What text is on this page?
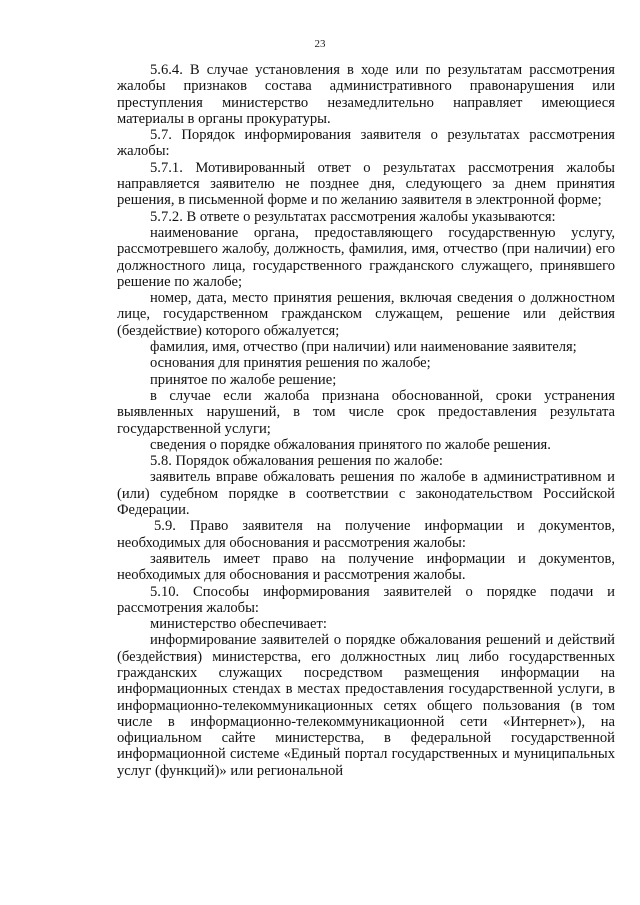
23

5.6.4. В случае установления в ходе или по результатам рассмотрения жалобы признаков состава административного правонарушения или преступления министерство незамедлительно направляет имеющиеся материалы в органы прокуратуры.

5.7. Порядок информирования заявителя о результатах рассмотрения жалобы:

5.7.1. Мотивированный ответ о результатах рассмотрения жалобы направляется заявителю не позднее дня, следующего за днем принятия решения, в письменной форме и по желанию заявителя в электронной форме;

5.7.2. В ответе о результатах рассмотрения жалобы указываются:

наименование органа, предоставляющего государственную услугу, рассмотревшего жалобу, должность, фамилия, имя, отчество (при наличии) его должностного лица, государственного гражданского служащего, принявшего решение по жалобе;

номер, дата, место принятия решения, включая сведения о должностном лице, государственном гражданском служащем, решение или действия (бездействие) которого обжалуется;

фамилия, имя, отчество (при наличии) или наименование заявителя;

основания для принятия решения по жалобе;

принятое по жалобе решение;

в случае если жалоба признана обоснованной, сроки устранения выявленных нарушений, в том числе срок предоставления результата государственной услуги;

сведения о порядке обжалования принятого по жалобе решения.

5.8. Порядок обжалования решения по жалобе:

заявитель вправе обжаловать решения по жалобе в административном и (или) судебном порядке в соответствии с законодательством Российской Федерации.

5.9. Право заявителя на получение информации и документов, необходимых для обоснования и рассмотрения жалобы:

заявитель имеет право на получение информации и документов, необходимых для обоснования и рассмотрения жалобы.

5.10. Способы информирования заявителей о порядке подачи и рассмотрения жалобы:

министерство обеспечивает:

информирование заявителей о порядке обжалования решений и действий (бездействия) министерства, его должностных лиц либо государственных гражданских служащих посредством размещения информации на информационных стендах в местах предоставления государственной услуги, в информационно-телекоммуникационных сетях общего пользования (в том числе в информационно-телекоммуникационной сети «Интернет»), на официальном сайте министерства, в федеральной государственной информационной системе «Единый портал государственных и муниципальных услуг (функций)» или региональной
